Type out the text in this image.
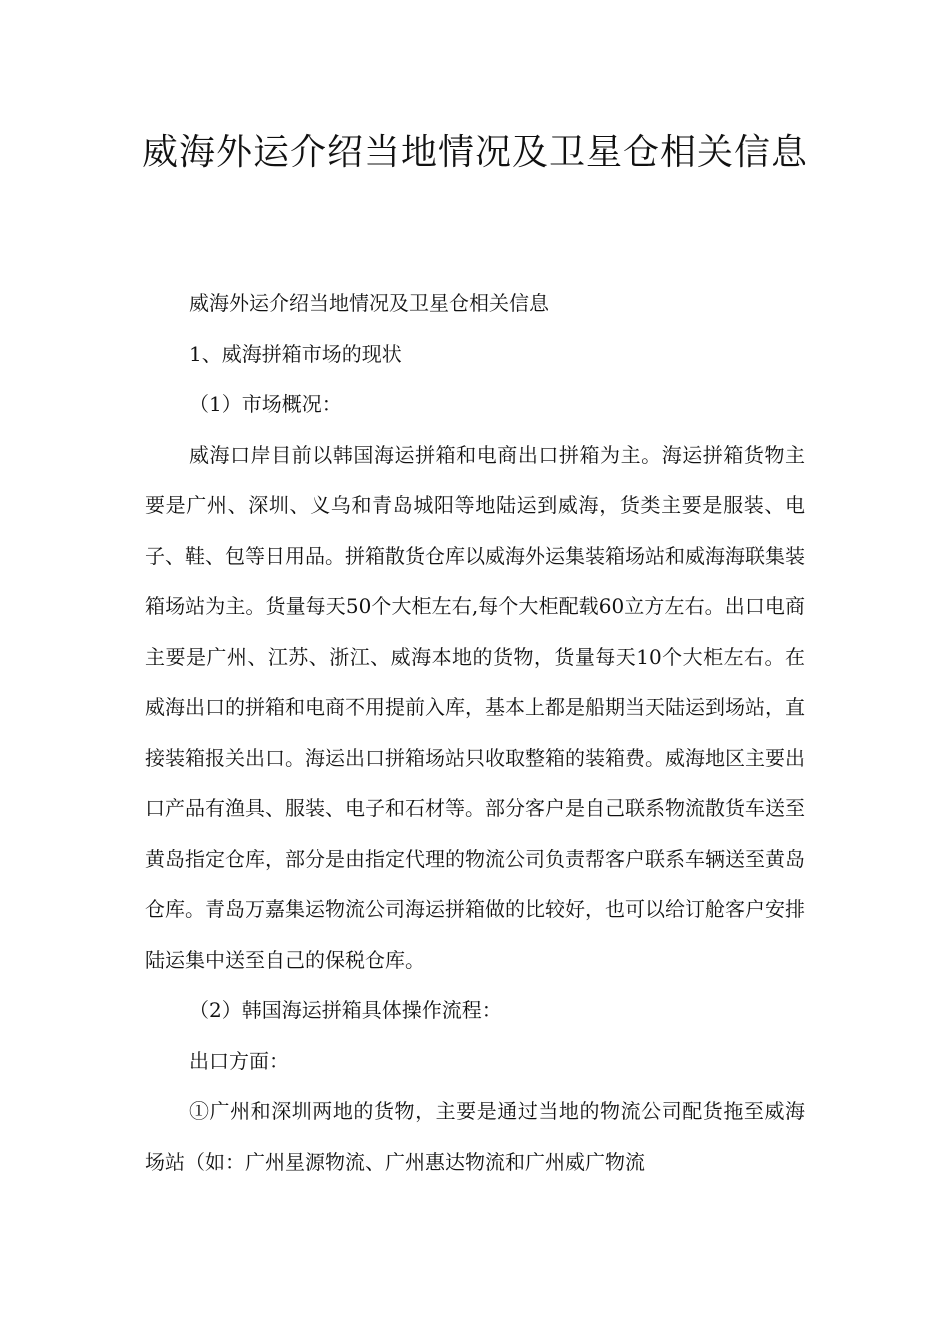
威海外运介绍当地情况及卫星仓相关信息

威海外运介绍当地情况及卫星仓相关信息

1、威海拼箱市场的现状

（1）市场概况：

威海口岸目前以韩国海运拼箱和电商出口拼箱为主。海运拼箱货物主要是广州、深圳、义乌和青岛城阳等地陆运到威海，货类主要是服装、电子、鞋、包等日用品。拼箱散货仓库以威海外运集装箱场站和威海海联集装箱场站为主。货量每天50个大柜左右,每个大柜配载60立方左右。出口电商主要是广州、江苏、浙江、威海本地的货物，货量每天10个大柜左右。在威海出口的拼箱和电商不用提前入库，基本上都是船期当天陆运到场站，直接装箱报关出口。海运出口拼箱场站只收取整箱的装箱费。威海地区主要出口产品有渔具、服装、电子和石材等。部分客户是自己联系物流散货车送至黄岛指定仓库，部分是由指定代理的物流公司负责帮客户联系车辆送至黄岛仓库。青岛万嘉集运物流公司海运拼箱做的比较好，也可以给订舱客户安排陆运集中送至自己的保税仓库。

（2）韩国海运拼箱具体操作流程：

出口方面：

①广州和深圳两地的货物，主要是通过当地的物流公司配货拖至威海场站（如：广州星源物流、广州惠达物流和广州威广物流
